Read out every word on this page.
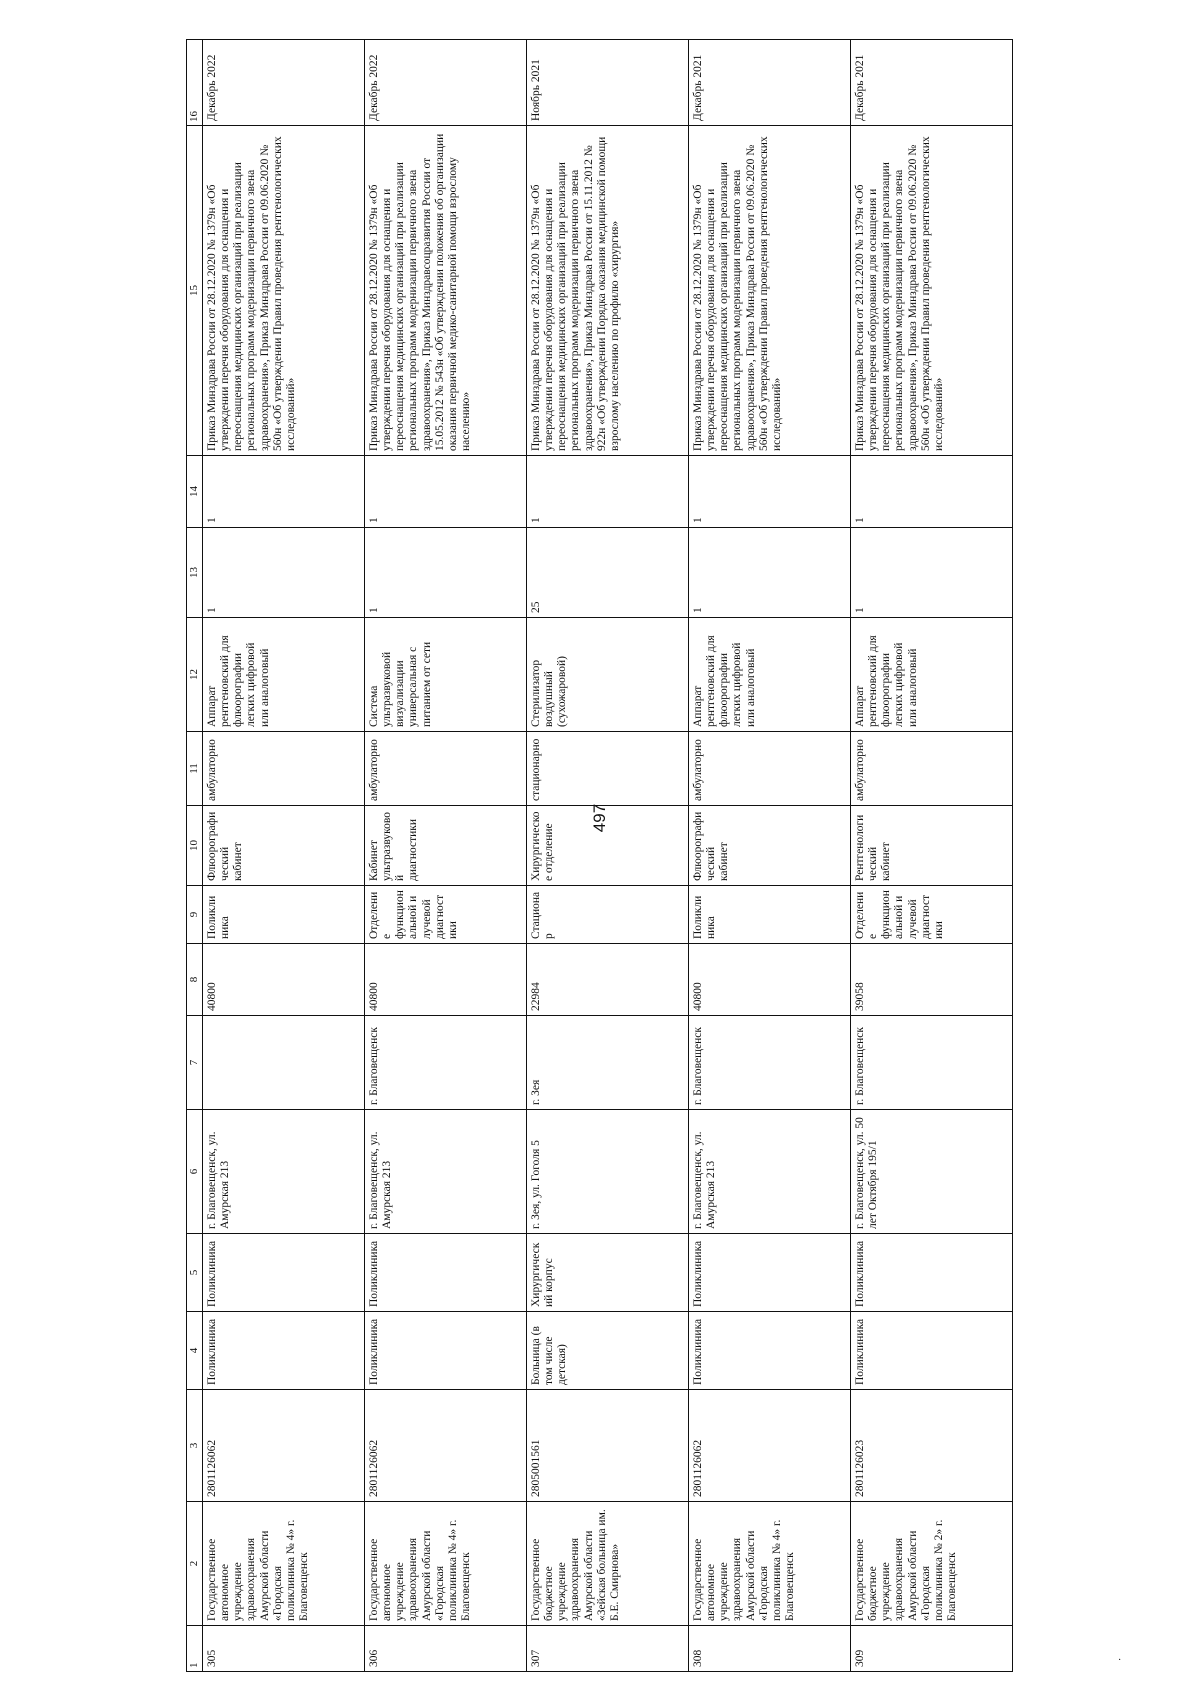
497
1	2	3	4	5	6	7	8	9	10	11	12	13	14	15	16
305	Государственное автономное учреждение здравоохранения Амурской области «Городская поликлиника № 4» г. Благовещенск	2801126062	Поликлиника	Поликлиника	г. Благовещенск, ул. Амурская 213		40800	Поликлиника	Флюорографический кабинет	амбулаторно	Аппарат рентгеновский для флюорографии легких цифровой или аналоговый	1	1	Приказ Минздрава России от 28.12.2020 № 1379н «Об утверждении перечня оборудования для оснащения и переоснащения медицинских организаций при реализации региональных программ модернизации первичного звена здравоохранения», Приказ Минздрава России от 09.06.2020 № 560н «Об утверждении Правил проведения рентгенологических исследований»	Декабрь 2022
306	Государственное автономное учреждение здравоохранения Амурской области «Городская поликлиника № 4» г. Благовещенск	2801126062	Поликлиника	Поликлиника	г. Благовещенск, ул. Амурская 213	г. Благовещенск	40800	Отделение функциональной и лучевой диагностики	Кабинет ультразвуковой диагностики	амбулаторно	Система ультразвуковой визуализации универсальная с питанием от сети	1	1	Приказ Минздрава России от 28.12.2020 № 1379н «Об утверждении перечня оборудования для оснащения и переоснащения медицинских организаций при реализации региональных программ модернизации первичного звена здравоохранения», Приказ Минздравсоцразвития России от 15.05.2012 № 543н «Об утверждении положения об организации оказания первичной медико-санитарной помощи взрослому населению»	Декабрь 2022
307	Государственное бюджетное учреждение здравоохранения Амурской области «Зейская больница им. Б.Е. Смирнова»	2805001561	Больница (в том числе детская)	Хирургический корпус	г. Зея, ул. Гоголя 5	г. Зея	22984	Стационар	Хирургическое отделение	стационарно	Стерилизатор воздушный (сухожаровой)	25	1	Приказ Минздрава России от 28.12.2020 № 1379н «Об утверждении перечня оборудования для оснащения и переоснащения медицинских организаций при реализации региональных программ модернизации первичного звена здравоохранения», Приказ Минздрава России от 15.11.2012 № 922н «Об утверждении Порядка оказания медицинской помощи взрослому населению по профилю «хирургия»	Ноябрь 2021
308	Государственное автономное учреждение здравоохранения Амурской области «Городская поликлиника № 4» г. Благовещенск	2801126062	Поликлиника	Поликлиника	г. Благовещенск, ул. Амурская 213	г. Благовещенск	40800	Поликлиника	Флюорографический кабинет	амбулаторно	Аппарат рентгеновский для флюорографии легких цифровой или аналоговый	1	1	Приказ Минздрава России от 28.12.2020 № 1379н «Об утверждении перечня оборудования для оснащения и переоснащения медицинских организаций при реализации региональных программ модернизации первичного звена здравоохранения», Приказ Минздрава России от 09.06.2020 № 560н «Об утверждении Правил проведения рентгенологических исследований»	Декабрь 2021
309	Государственное бюджетное учреждение здравоохранения Амурской области «Городская поликлиника № 2» г. Благовещенск	2801126023	Поликлиника	Поликлиника	г. Благовещенск, ул. 50 лет Октября 195/1	г. Благовещенск	39058	Отделение функциональной и лучевой диагностики	Рентгенологический кабинет	амбулаторно	Аппарат рентгеновский для флюорографии легких цифровой или аналоговый	1	1	Приказ Минздрава России от 28.12.2020 № 1379н «Об утверждении перечня оборудования для оснащения и переоснащения медицинских организаций при реализации региональных программ модернизации первичного звена здравоохранения», Приказ Минздрава России от 09.06.2020 № 560н «Об утверждении Правил проведения рентгенологических исследований»	Декабрь 2021
·
